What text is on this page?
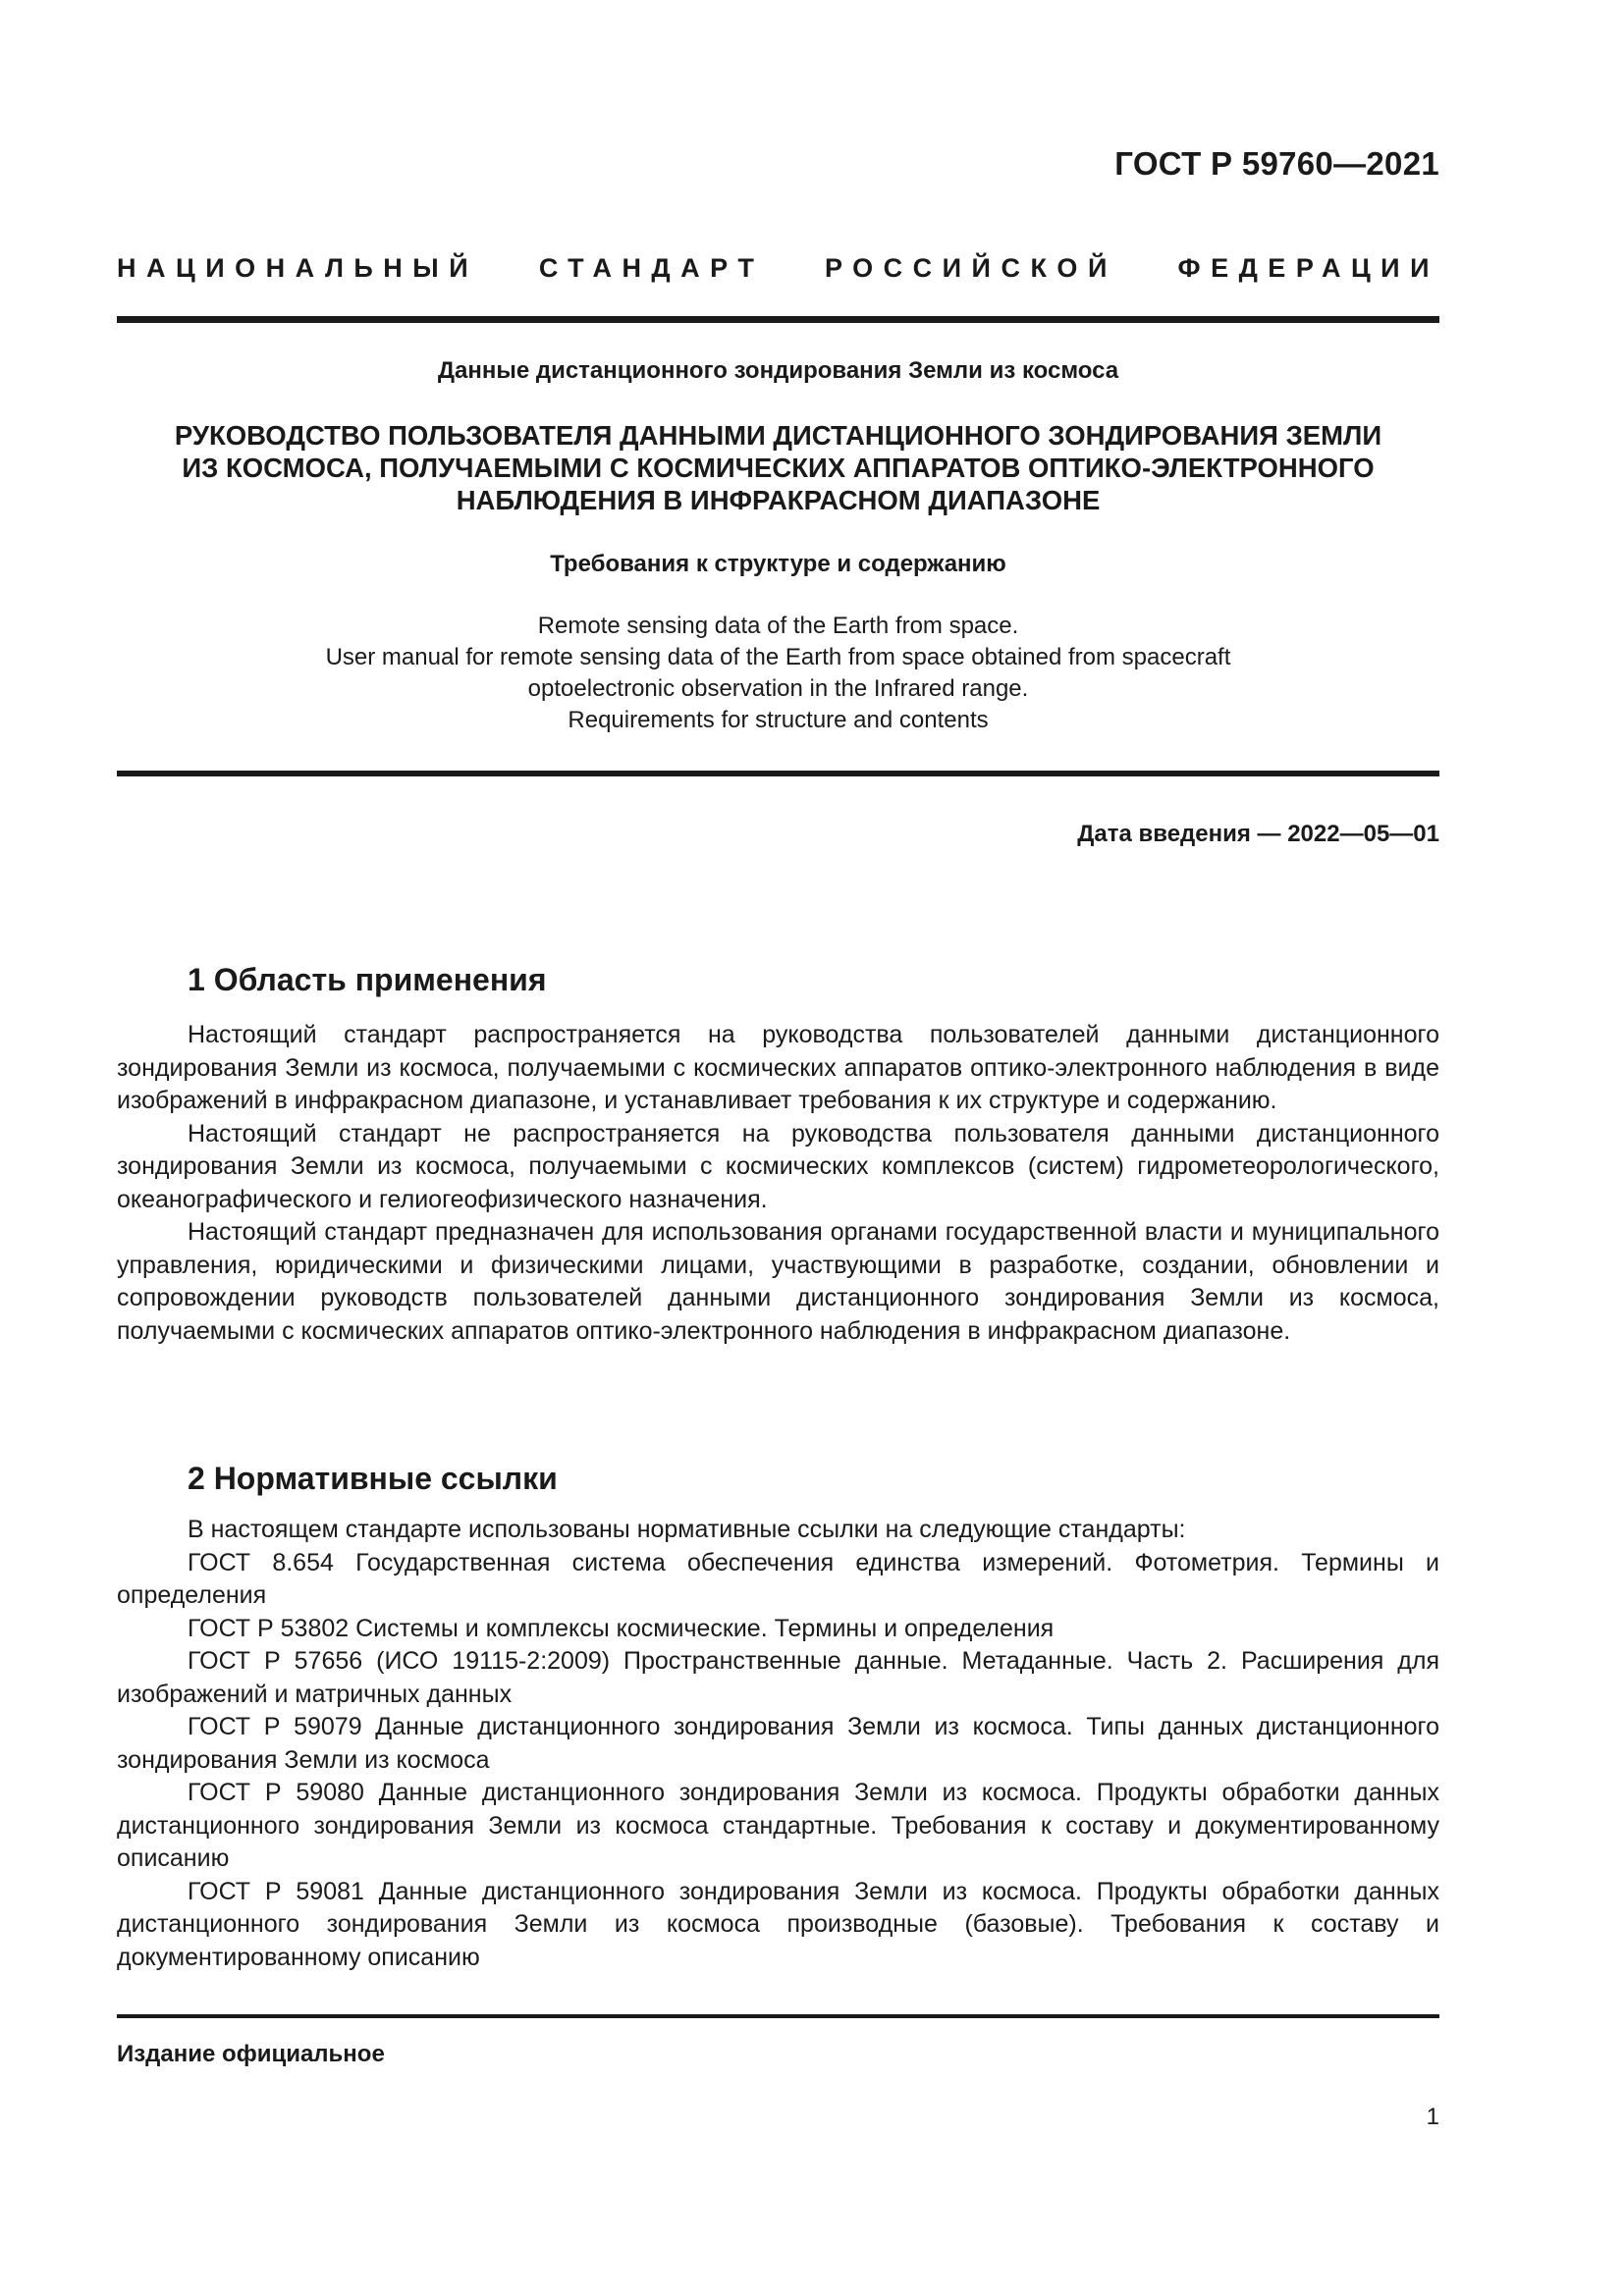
ГОСТ Р 59760—2021
НАЦИОНАЛЬНЫЙ СТАНДАРТ РОССИЙСКОЙ ФЕДЕРАЦИИ
Данные дистанционного зондирования Земли из космоса
РУКОВОДСТВО ПОЛЬЗОВАТЕЛЯ ДАННЫМИ ДИСТАНЦИОННОГО ЗОНДИРОВАНИЯ ЗЕМЛИ
ИЗ КОСМОСА, ПОЛУЧАЕМЫМИ С КОСМИЧЕСКИХ АППАРАТОВ ОПТИКО-ЭЛЕКТРОННОГО
НАБЛЮДЕНИЯ В ИНФРАКРАСНОМ ДИАПАЗОНЕ
Требования к структуре и содержанию
Remote sensing data of the Earth from space.
User manual for remote sensing data of the Earth from space obtained from spacecraft
optoelectronic observation in the Infrared range.
Requirements for structure and contents
Дата введения — 2022—05—01
1 Область применения

Настоящий стандарт распространяется на руководства пользователей данными дистанционного зондирования Земли из космоса, получаемыми с космических аппаратов оптико-электронного наблюдения в виде изображений в инфракрасном диапазоне, и устанавливает требования к их структуре и содержанию.

Настоящий стандарт не распространяется на руководства пользователя данными дистанционного зондирования Земли из космоса, получаемыми с космических комплексов (систем) гидрометеорологического, океанографического и гелиогеофизического назначения.

Настоящий стандарт предназначен для использования органами государственной власти и муниципального управления, юридическими и физическими лицами, участвующими в разработке, создании, обновлении и сопровождении руководств пользователей данными дистанционного зондирования Земли из космоса, получаемыми с космических аппаратов оптико-электронного наблюдения в инфракрасном диапазоне.

2 Нормативные ссылки

В настоящем стандарте использованы нормативные ссылки на следующие стандарты:

ГОСТ 8.654 Государственная система обеспечения единства измерений. Фотометрия. Термины и определения

ГОСТ Р 53802 Системы и комплексы космические. Термины и определения

ГОСТ Р 57656 (ИСО 19115-2:2009) Пространственные данные. Метаданные. Часть 2. Расширения для изображений и матричных данных

ГОСТ Р 59079 Данные дистанционного зондирования Земли из космоса. Типы данных дистанционного зондирования Земли из космоса

ГОСТ Р 59080 Данные дистанционного зондирования Земли из космоса. Продукты обработки данных дистанционного зондирования Земли из космоса стандартные. Требования к составу и документированному описанию

ГОСТ Р 59081 Данные дистанционного зондирования Земли из космоса. Продукты обработки данных дистанционного зондирования Земли из космоса производные (базовые). Требования к составу и документированному описанию

Издание официальное
1
